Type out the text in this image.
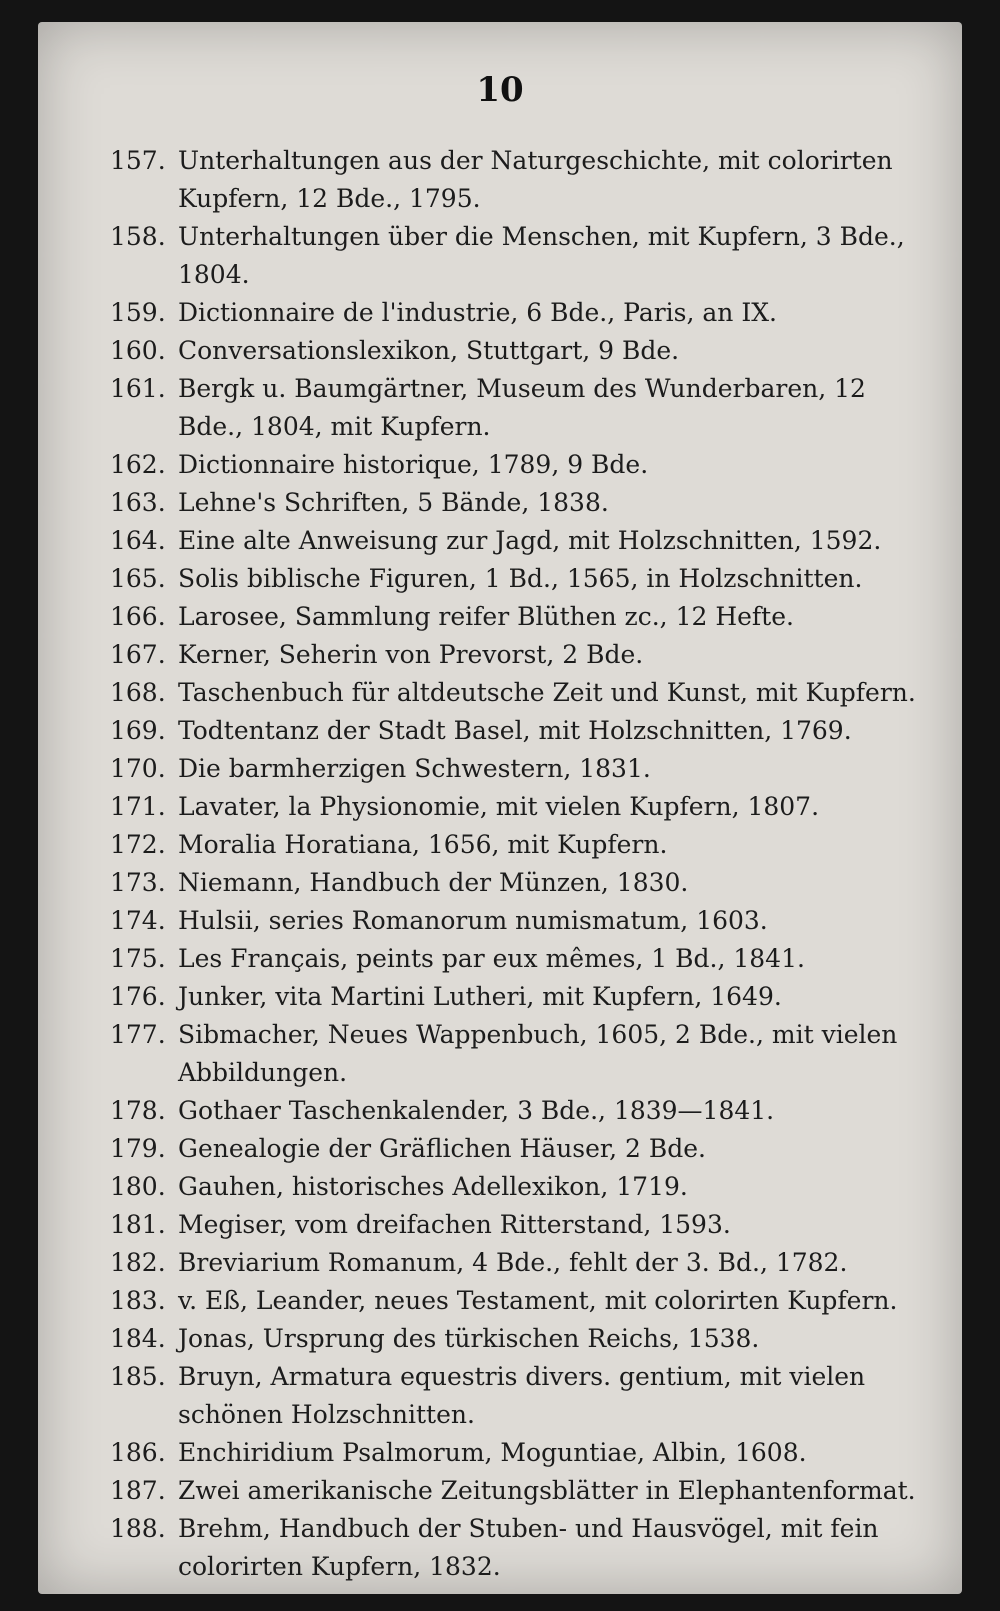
10
157. Unterhaltungen aus der Naturgeschichte, mit colorirten Kupfern, 12 Bde., 1795.
158. Unterhaltungen über die Menschen, mit Kupfern, 3 Bde., 1804.
159. Dictionnaire de l'industrie, 6 Bde., Paris, an IX.
160. Conversationslexikon, Stuttgart, 9 Bde.
161. Bergk u. Baumgärtner, Museum des Wunderbaren, 12 Bde., 1804, mit Kupfern.
162. Dictionnaire historique, 1789, 9 Bde.
163. Lehne's Schriften, 5 Bände, 1838.
164. Eine alte Anweisung zur Jagd, mit Holzschnitten, 1592.
165. Solis biblische Figuren, 1 Bd., 1565, in Holzschnitten.
166. Larosee, Sammlung reifer Blüthen zc., 12 Hefte.
167. Kerner, Seherin von Prevorst, 2 Bde.
168. Taschenbuch für altdeutsche Zeit und Kunst, mit Kupfern.
169. Todtentanz der Stadt Basel, mit Holzschnitten, 1769.
170. Die barmherzigen Schwestern, 1831.
171. Lavater, la Physionomie, mit vielen Kupfern, 1807.
172. Moralia Horatiana, 1656, mit Kupfern.
173. Niemann, Handbuch der Münzen, 1830.
174. Hulsii, series Romanorum numismatum, 1603.
175. Les Français, peints par eux mêmes, 1 Bd., 1841.
176. Junker, vita Martini Lutheri, mit Kupfern, 1649.
177. Sibmacher, Neues Wappenbuch, 1605, 2 Bde., mit vielen Abbildungen.
178. Gothaer Taschenkalender, 3 Bde., 1839—1841.
179. Genealogie der Gräflichen Häuser, 2 Bde.
180. Gauhen, historisches Adellexikon, 1719.
181. Megiser, vom dreifachen Ritterstand, 1593.
182. Breviarium Romanum, 4 Bde., fehlt der 3. Bd., 1782.
183. v. Eß, Leander, neues Testament, mit colorirten Kupfern.
184. Jonas, Ursprung des türkischen Reichs, 1538.
185. Bruyn, Armatura equestris divers. gentium, mit vielen schönen Holzschnitten.
186. Enchiridium Psalmorum, Moguntiae, Albin, 1608.
187. Zwei amerikanische Zeitungsblätter in Elephantenformat.
188. Brehm, Handbuch der Stuben- und Hausvögel, mit fein colorirten Kupfern, 1832.
